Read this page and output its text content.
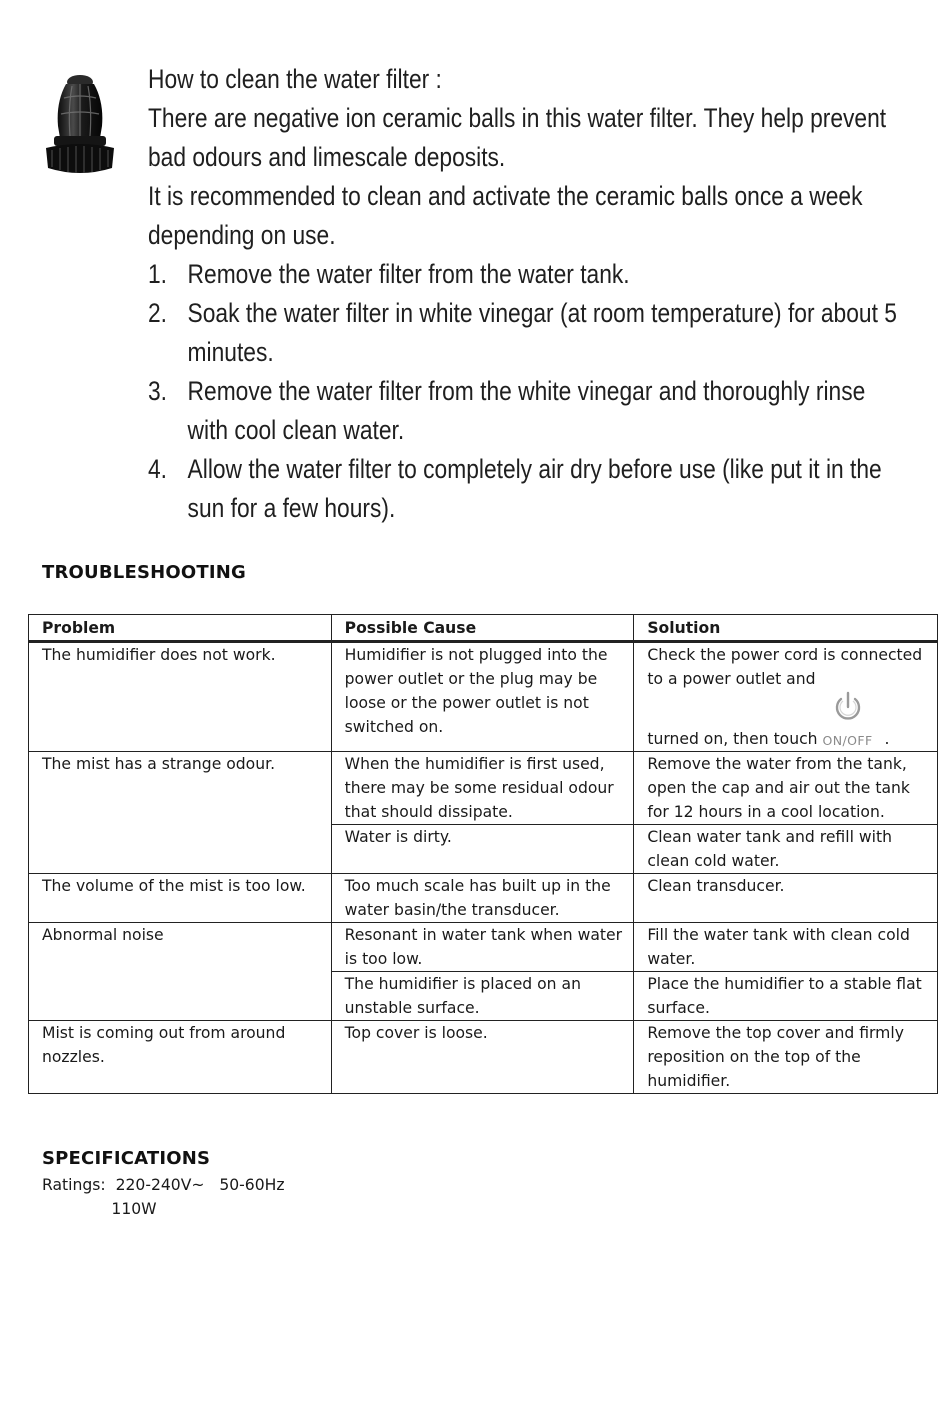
How to clean the water filter :

There are negative ion ceramic balls in this water filter. They help prevent bad odours and limescale deposits.

It is recommended to clean and activate the ceramic balls once a week depending on use.

1. Remove the water filter from the water tank.
2. Soak the water filter in white vinegar (at room temperature) for about 5 minutes.
3. Remove the water filter from the white vinegar and thoroughly rinse with cool clean water.
4. Allow the water filter to completely air dry before use (like put it in the sun for a few hours).
TROUBLESHOOTING
Problem	Possible Cause	Solution
The humidifier does not work.	Humidifier is not plugged into the power outlet or the plug may be loose or the power outlet is not switched on.	Check the power cord is connected to a power outlet and
turned on, then touch ON/OFF .

The mist has a strange odour.	When the humidifier is first used, there may be some residual odour that should dissipate.	Remove the water from the tank, open the cap and air out the tank for 12 hours in a cool location.
	Water is dirty.	Clean water tank and refill with clean cold water.
The volume of the mist is too low.	Too much scale has built up in the water basin/the transducer.	Clean transducer.
Abnormal noise	Resonant in water tank when water is too low.	Fill the water tank with clean cold water.
	The humidifier is placed on an unstable surface.	Place the humidifier to a stable flat surface.
Mist is coming out from around nozzles.	Top cover is loose.	Remove the top cover and firmly reposition on the top of the humidifier.
SPECIFICATIONS
Ratings:  220-240V~   50-60Hz
110W
